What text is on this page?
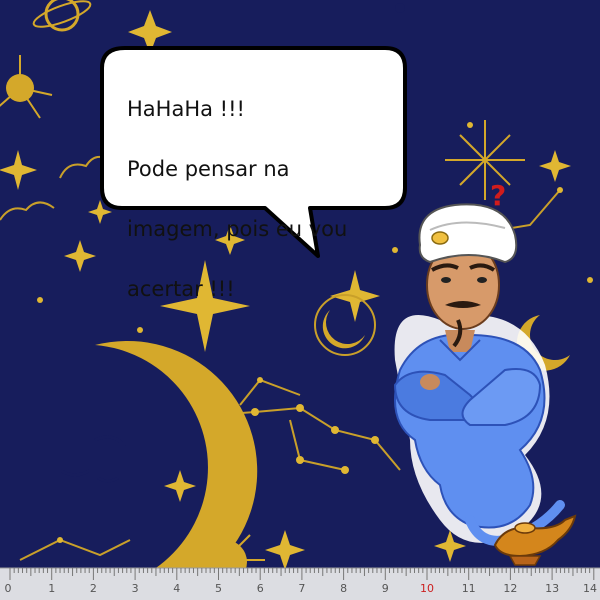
?

HaHaHa !!!

Pode pensar na

imagem, pois eu vou

acertar !!!

0	1	2	3	4	5	6	7	8	9	10	11	12	13 14
